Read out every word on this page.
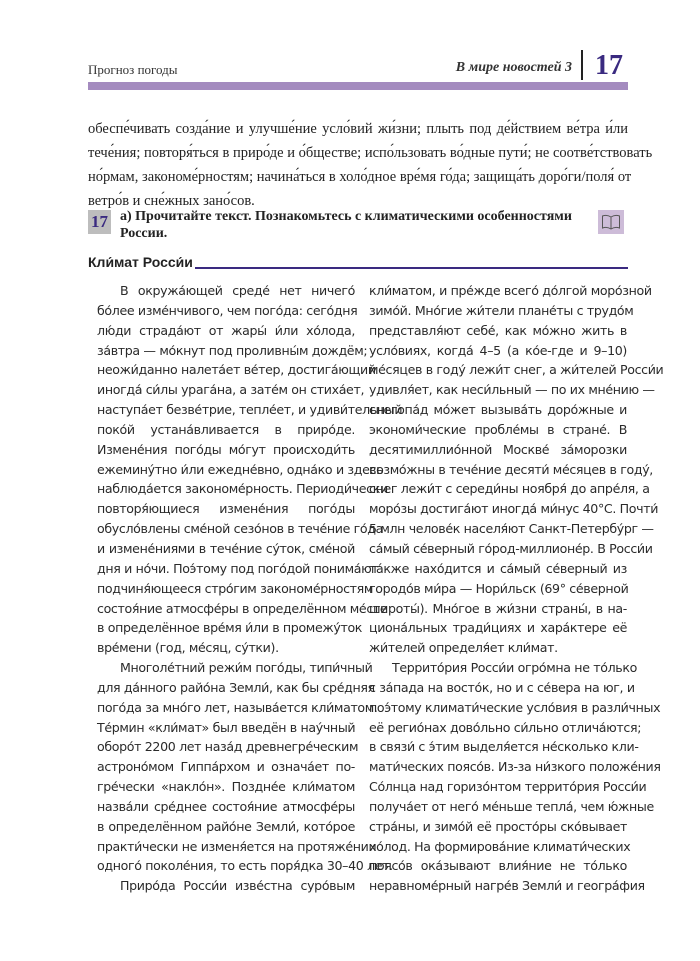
Прогноз погоды	В мире новостей 3 17
обеспе́чивать созда́ние и улучше́ние усло́вий жи́зни; плыть под де́йствием ве́тра и́ли
тече́ния; повторя́ться в приро́де и о́бществе; испо́льзовать во́дные пути́; не соотве́тствовать
но́рмам, закономе́рностям; начина́ться в холо́дное вре́мя го́да; защища́ть доро́ги/поля́ от
ветро́в и сне́жных зано́сов.
17 а) Прочитайте текст. Познакомьтесь с климатическими особенностями России.
Кли́мат Росси́и
В окружа́ющей среде́ нет ничего́
бо́лее изме́нчивого, чем пого́да: сего́дня
лю́ди страда́ют от жары́ и́ли хо́лода,
за́втра — мо́кнут под проливны́м дождём;
неожи́данно налета́ет ве́тер, достига́ющий
иногда́ си́лы урага́на, а зате́м он стиха́ет,
наступа́ет безве́трие, тепле́ет, и удиви́тельный
поко́й устана́вливается в приро́де.
Измене́ния пого́ды мо́гут происходи́ть
ежемину́тно и́ли ежедне́вно, одна́ко и здесь
наблюда́ется закономе́рность. Периоди́чески
повторя́ющиеся измене́ния пого́ды
обусло́влены сме́ной сезо́нов в тече́ние го́да
и измене́ниями в тече́ние су́ток, сме́ной
дня и но́чи. Поэ́тому под пого́дой понима́ют
подчиня́ющееся стро́гим закономе́рностям
состоя́ние атмосфе́ры в определённом ме́сте
в определённое вре́мя и́ли в промежу́ток
вре́мени (год, ме́сяц, су́тки).
Многоле́тний режи́м пого́ды, типи́чный
для да́нного райо́на Земли́, как бы сре́дняя
пого́да за мно́го лет, называ́ется кли́матом.
Те́рмин «кли́мат» был введён в нау́чный
оборо́т 2200 лет наза́д древнегре́ческим
астроно́мом Гиппа́рхом и означа́ет по-
гре́чески «накло́н». Поздне́е кли́матом
назва́ли сре́днее состоя́ние атмосфе́ры
в определённом райо́не Земли́, кото́рое
практи́чески не изменя́ется на протяже́нии
одного́ поколе́ния, то есть поря́дка 30–40 лет.
Приро́да Росси́и изве́стна суро́вым
кли́матом, и пре́жде всего́ до́лгой моро́зной
зимо́й. Мно́гие жи́тели плане́ты с трудо́м
представля́ют себе́, как мо́жно жить в
усло́виях, когда́ 4–5 (а ко́е-где и 9–10)
ме́сяцев в году́ лежи́т снег, а жи́телей Росси́и
удивля́ет, как неси́льный — по их мне́нию —
снегопа́д мо́жет вызыва́ть доро́жные и
экономи́ческие пробле́мы в стране́. В
десятимиллио́нной Москве́ за́морозки
возмо́жны в тече́ние десяти́ ме́сяцев в году́,
снег лежи́т с середи́ны ноября́ до апре́ля, а
моро́зы достига́ют иногда́ ми́нус 40°С. Почти́
5 млн челове́к населя́ют Санкт-Петербу́рг —
са́мый се́верный го́род-миллионе́р. В Росси́и
та́кже нахо́дится и са́мый се́верный из
городо́в ми́ра — Нори́льск (69° се́верной
широты́). Мно́гое в жи́зни страны́, в на-
циона́льных тради́циях и хара́ктере её
жи́телей определя́ет кли́мат.
Террито́рия Росси́и огро́мна не то́лько
с за́пада на восто́к, но и с се́вера на юг, и
поэ́тому климати́ческие усло́вия в разли́чных
её регио́нах дово́льно си́льно отлича́ются;
в связи́ с э́тим выделя́ется не́сколько кли-
мати́ческих поясо́в. Из-за ни́зкого положе́ния
Со́лнца над горизо́нтом террито́рия Росси́и
получа́ет от него́ ме́ньше тепла́, чем ю́жные
стра́ны, и зимо́й её просто́ры ско́вывает
хо́лод. На формирова́ние климати́ческих
поясо́в ока́зывают влия́ние не то́лько
неравноме́рный нагре́в Земли́ и геогра́фия
